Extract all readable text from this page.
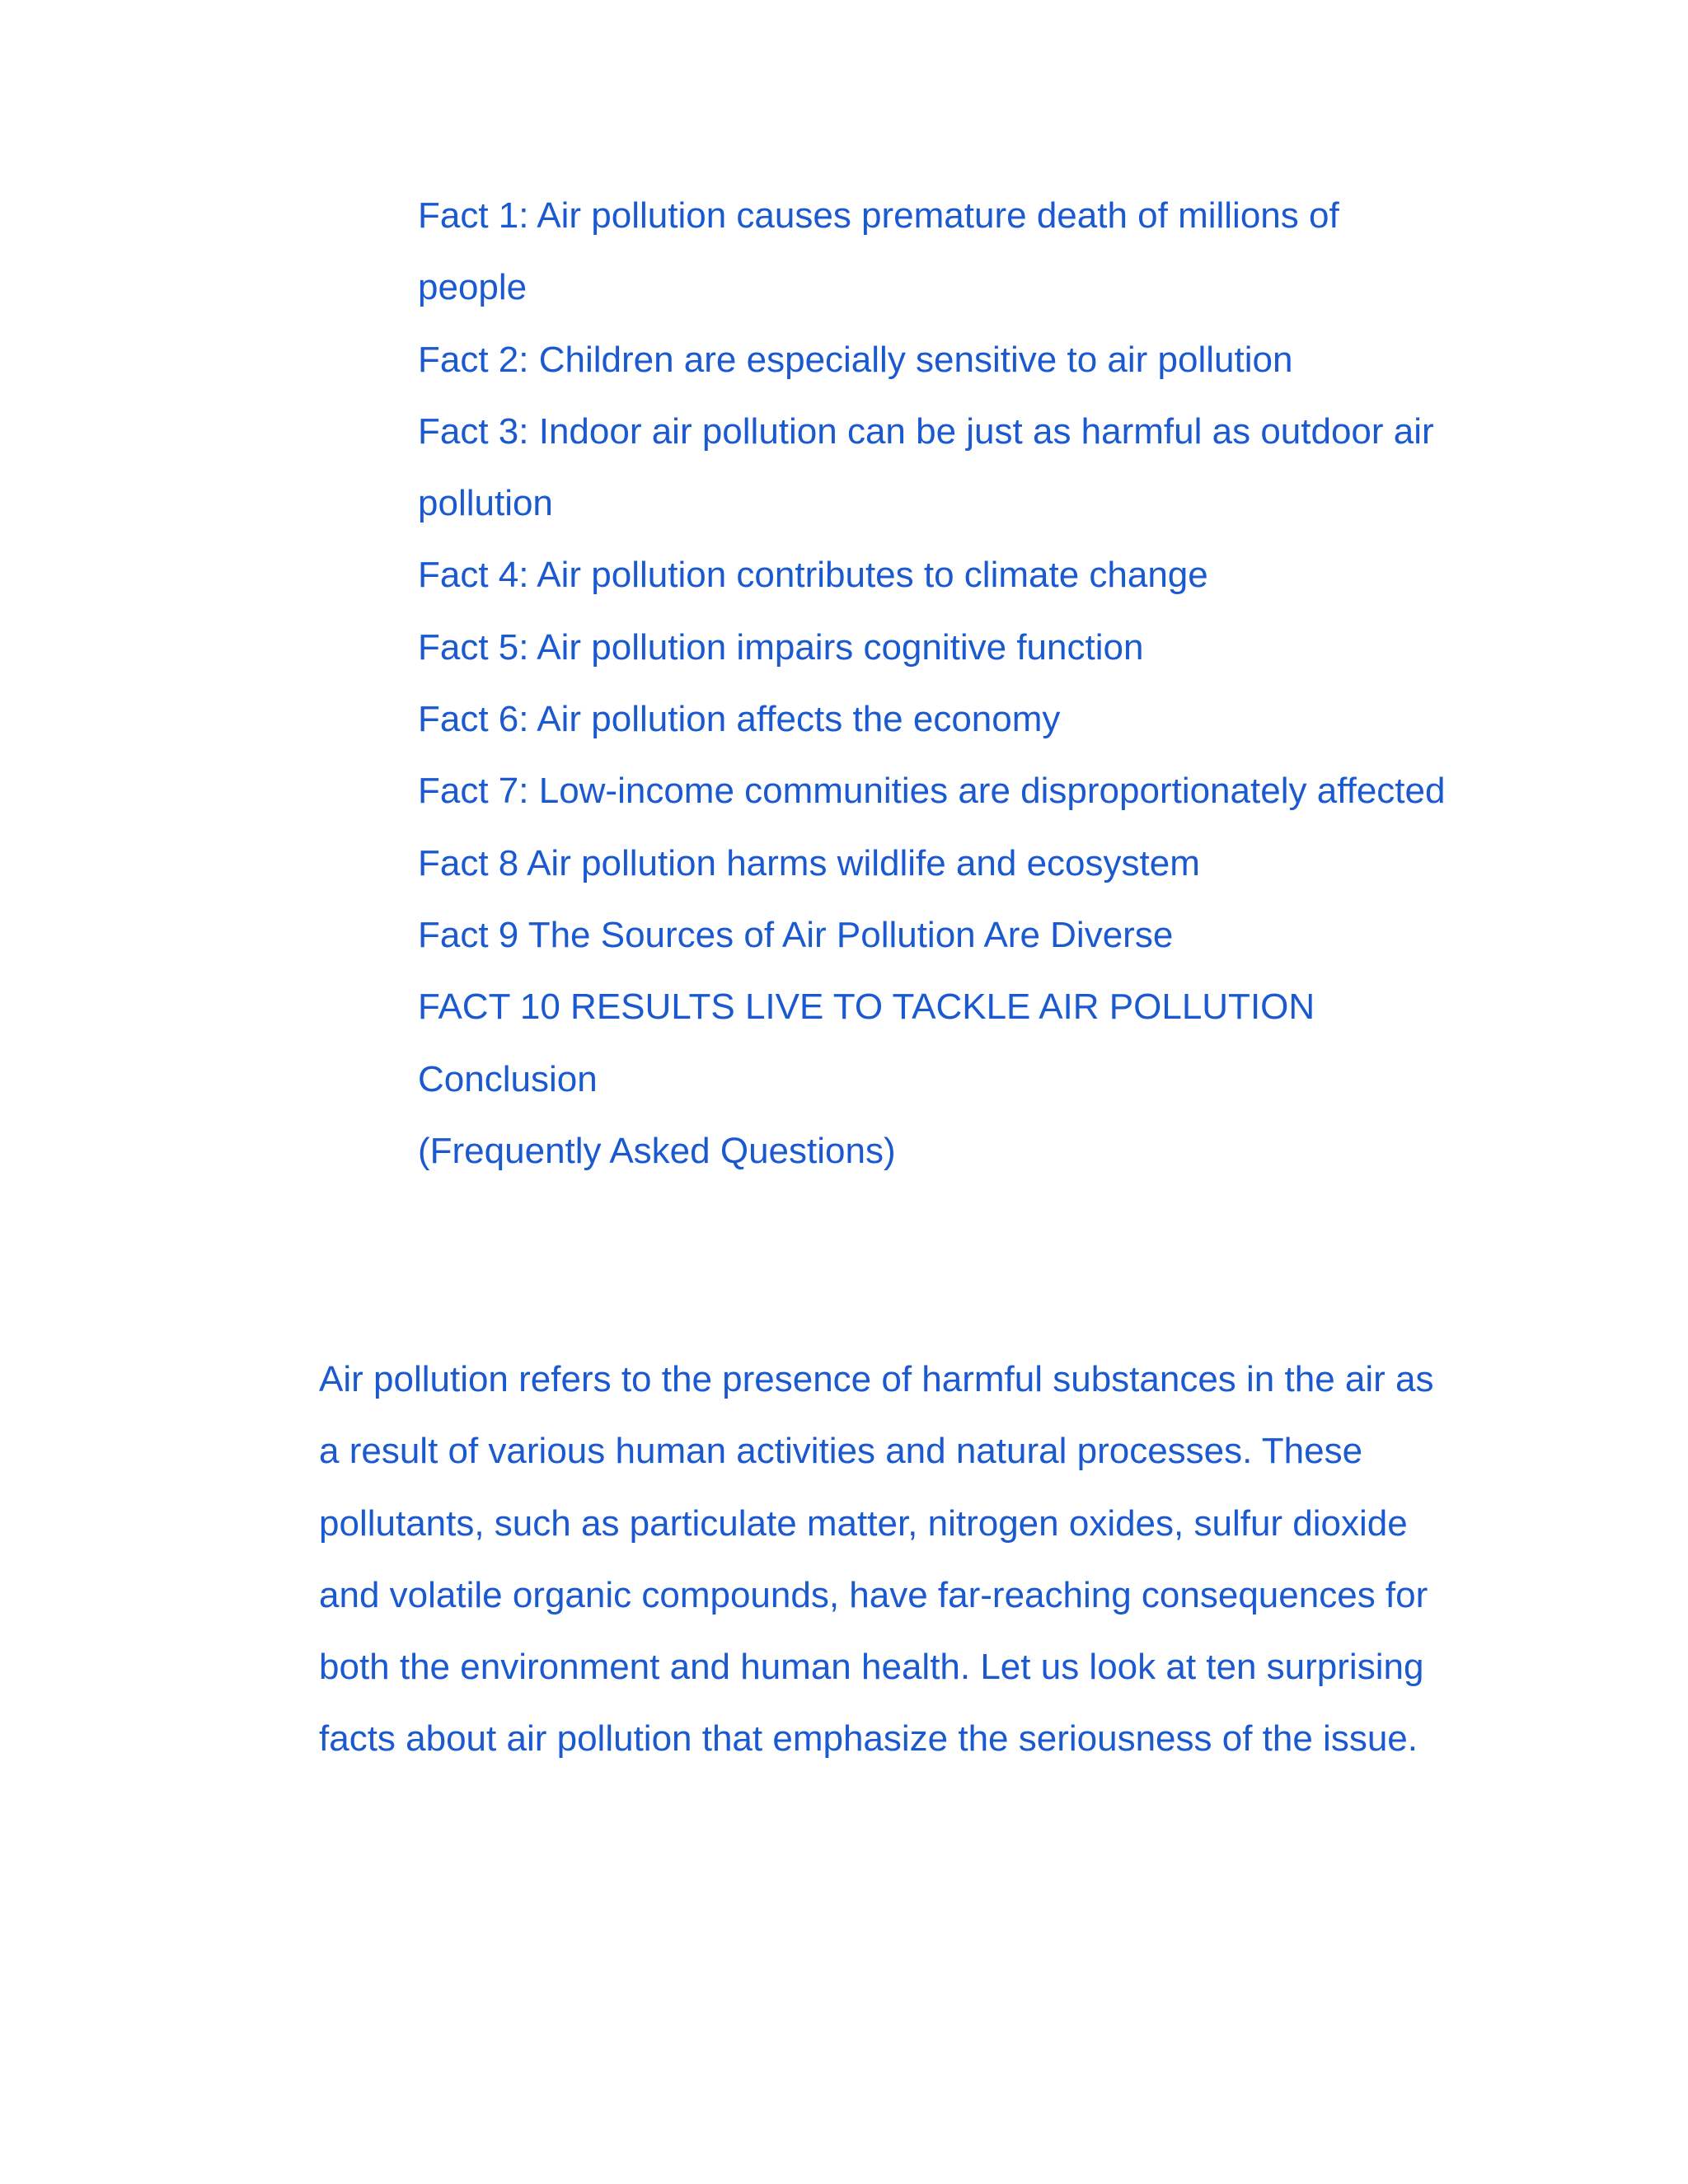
Fact 1: Air pollution causes premature death of millions of
people
Fact 2: Children are especially sensitive to air pollution
Fact 3: Indoor air pollution can be just as harmful as outdoor air
pollution
Fact 4: Air pollution contributes to climate change
Fact 5: Air pollution impairs cognitive function
Fact 6: Air pollution affects the economy
Fact 7: Low-income communities are disproportionately affected
Fact 8 Air pollution harms wildlife and ecosystem
Fact 9 The Sources of Air Pollution Are Diverse
FACT 10 RESULTS LIVE TO TACKLE AIR POLLUTION
Conclusion
(Frequently Asked Questions)

Air pollution refers to the presence of harmful substances in the air as
a result of various human activities and natural processes. These
pollutants, such as particulate matter, nitrogen oxides, sulfur dioxide
and volatile organic compounds, have far-reaching consequences for
both the environment and human health. Let us look at ten surprising
facts about air pollution that emphasize the seriousness of the issue.
